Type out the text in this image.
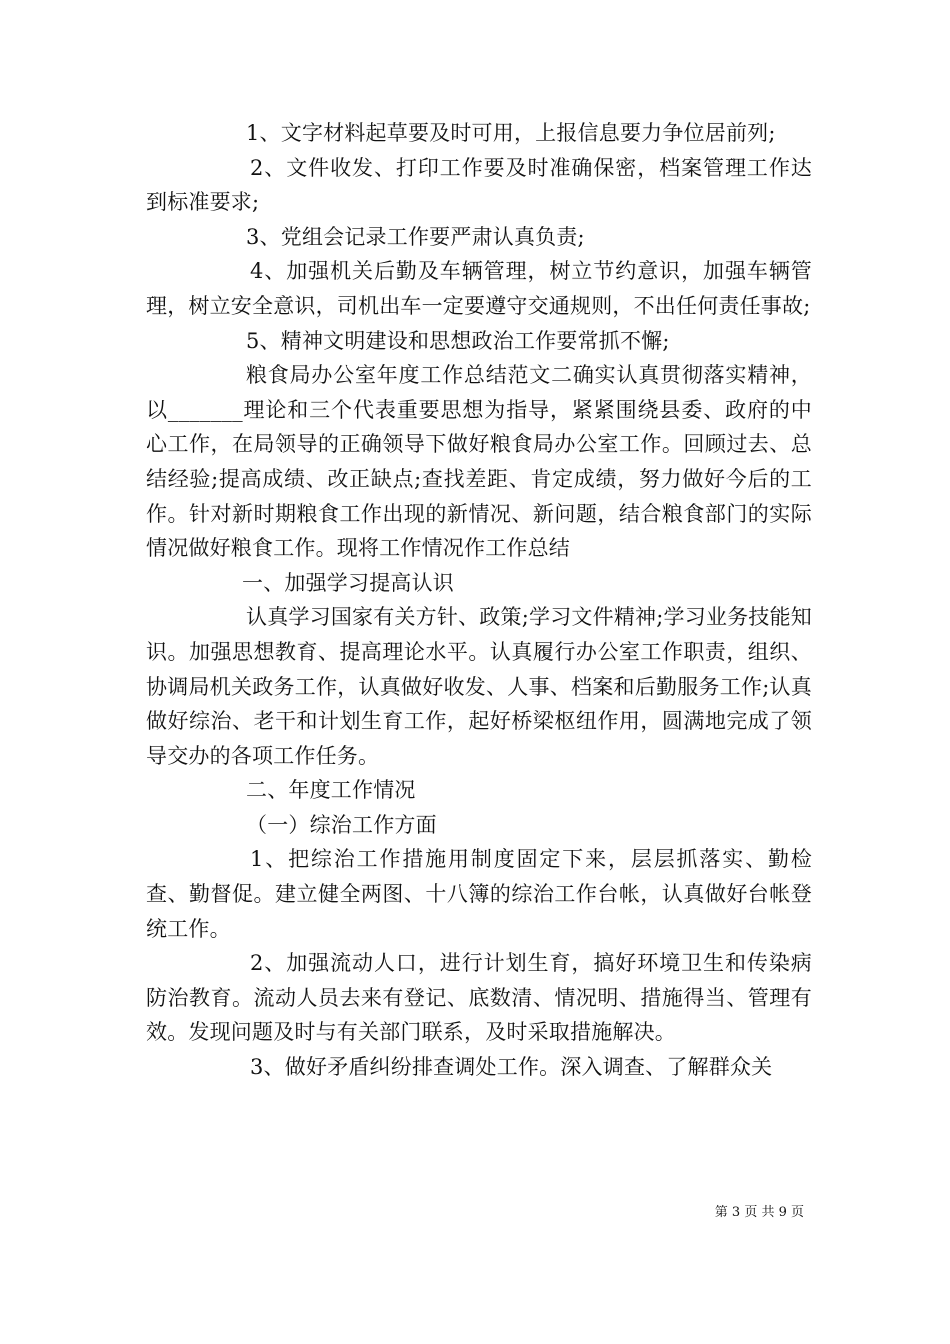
1、文字材料起草要及时可用，上报信息要力争位居前列;

2、文件收发、打印工作要及时准确保密，档案管理工作达到标准要求;

3、党组会记录工作要严肃认真负责;

4、加强机关后勤及车辆管理，树立节约意识，加强车辆管理，树立安全意识，司机出车一定要遵守交通规则，不出任何责任事故;

5、精神文明建设和思想政治工作要常抓不懈;

粮食局办公室年度工作总结范文二确实认真贯彻落实精神，以_______理论和三个代表重要思想为指导，紧紧围绕县委、政府的中心工作，在局领导的正确领导下做好粮食局办公室工作。回顾过去、总结经验;提高成绩、改正缺点;查找差距、肯定成绩，努力做好今后的工作。针对新时期粮食工作出现的新情况、新问题，结合粮食部门的实际情况做好粮食工作。现将工作情况作工作总结

一、加强学习提高认识

认真学习国家有关方针、政策;学习文件精神;学习业务技能知识。加强思想教育、提高理论水平。认真履行办公室工作职责，组织、协调局机关政务工作，认真做好收发、人事、档案和后勤服务工作;认真做好综治、老干和计划生育工作，起好桥梁枢纽作用，圆满地完成了领导交办的各项工作任务。

二、年度工作情况

（一）综治工作方面

1、把综治工作措施用制度固定下来，层层抓落实、勤检查、勤督促。建立健全两图、十八簿的综治工作台帐，认真做好台帐登统工作。

2、加强流动人口，进行计划生育，搞好环境卫生和传染病防治教育。流动人员去来有登记、底数清、情况明、措施得当、管理有效。发现问题及时与有关部门联系，及时采取措施解决。

3、做好矛盾纠纷排查调处工作。深入调查、了解群众关

第 3 页 共 9 页
